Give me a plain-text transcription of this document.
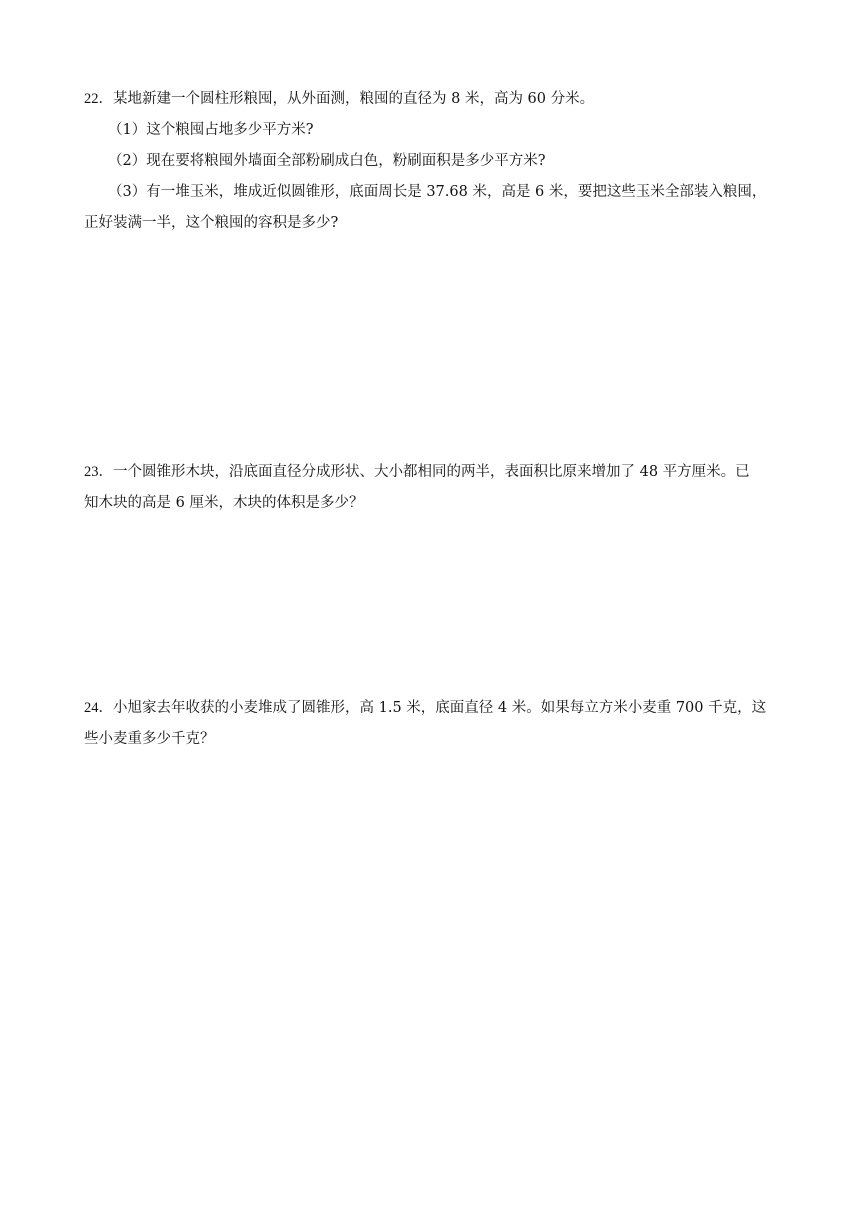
22．某地新建一个圆柱形粮囤，从外面测，粮囤的直径为 8 米，高为 60 分米。

（1）这个粮囤占地多少平方米?

（2）现在要将粮囤外墙面全部粉刷成白色，粉刷面积是多少平方米?

（3）有一堆玉米，堆成近似圆锥形，底面周长是 37.68 米，高是 6 米，要把这些玉米全部装入粮囤，

正好装满一半，这个粮囤的容积是多少?

23．一个圆锥形木块，沿底面直径分成形状、大小都相同的两半，表面积比原来增加了 48 平方厘米。已

知木块的高是 6 厘米，木块的体积是多少？

24．小旭家去年收获的小麦堆成了圆锥形，高 1.5 米，底面直径 4 米。如果每立方米小麦重 700 千克，这

些小麦重多少千克？
